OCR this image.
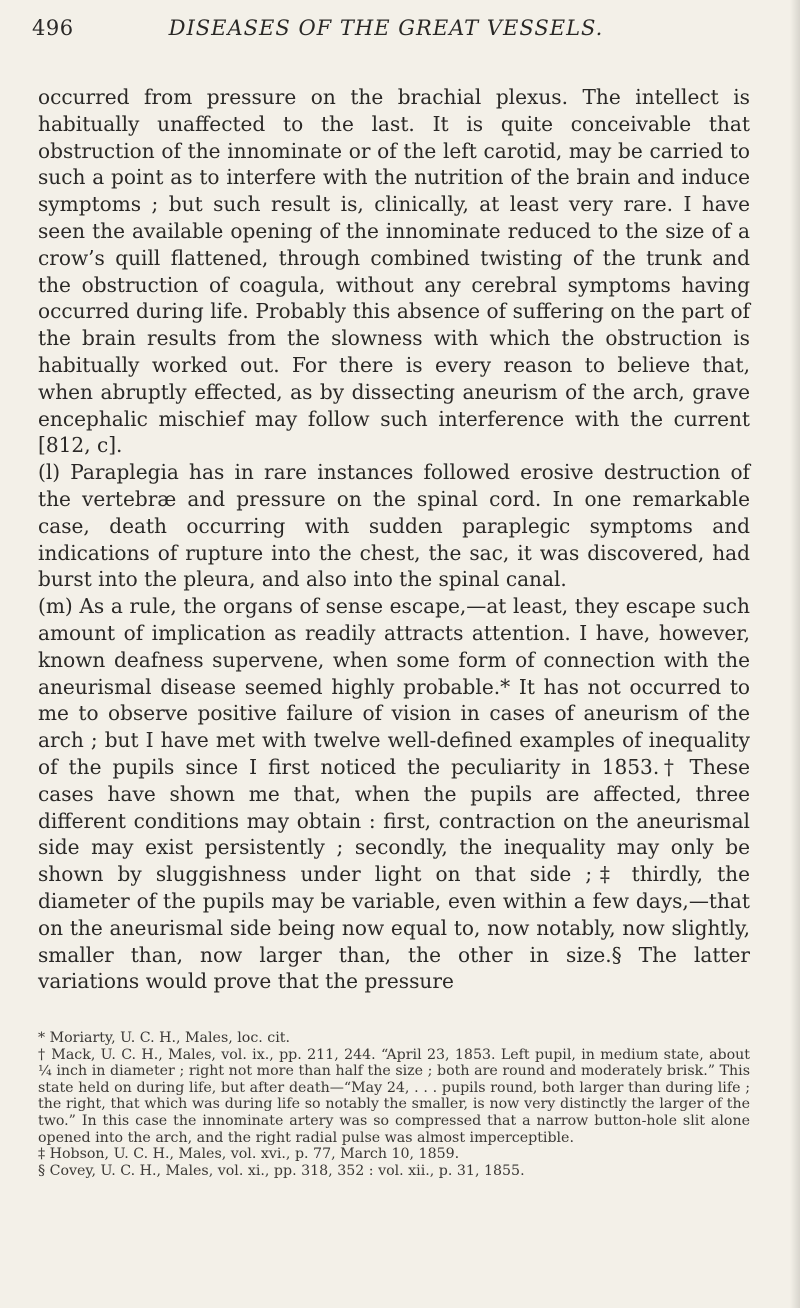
496	DISEASES OF THE GREAT VESSELS.

occurred from pressure on the brachial plexus. The intellect is habitually unaffected to the last. It is quite conceivable that obstruction of the innominate or of the left carotid, may be carried to such a point as to interfere with the nutrition of the brain and induce symptoms ; but such result is, clinically, at least very rare. I have seen the available opening of the innominate reduced to the size of a crow’s quill flattened, through combined twisting of the trunk and the obstruction of coagula, without any cerebral symptoms having occurred during life. Probably this absence of suffering on the part of the brain results from the slowness with which the obstruction is habitually worked out. For there is every reason to believe that, when abruptly effected, as by dissecting aneurism of the arch, grave encephalic mischief may follow such interference with the current [812, c].

(l) Paraplegia has in rare instances followed erosive destruction of the vertebræ and pressure on the spinal cord. In one remarkable case, death occurring with sudden paraplegic symptoms and indications of rupture into the chest, the sac, it was discovered, had burst into the pleura, and also into the spinal canal.

(m) As a rule, the organs of sense escape,—at least, they escape such amount of implication as readily attracts attention. I have, however, known deafness supervene, when some form of connection with the aneurismal disease seemed highly probable.* It has not occurred to me to observe positive failure of vision in cases of aneurism of the arch ; but I have met with twelve well-defined examples of inequality of the pupils since I first noticed the peculiarity in 1853.† These cases have shown me that, when the pupils are affected, three different conditions may obtain : first, contraction on the aneurismal side may exist persistently ; secondly, the inequality may only be shown by sluggishness under light on that side ;‡ thirdly, the diameter of the pupils may be variable, even within a few days,—that on the aneurismal side being now equal to, now notably, now slightly, smaller than, now larger than, the other in size.§ The latter variations would prove that the pressure

* Moriarty, U. C. H., Males, loc. cit.

† Mack, U. C. H., Males, vol. ix., pp. 211, 244. “April 23, 1853. Left pupil, in medium state, about ¼ inch in diameter ; right not more than half the size ; both are round and moderately brisk.” This state held on during life, but after death—“May 24, . . . pupils round, both larger than during life ; the right, that which was during life so notably the smaller, is now very distinctly the larger of the two.” In this case the innominate artery was so compressed that a narrow button-hole slit alone opened into the arch, and the right radial pulse was almost imperceptible.

‡ Hobson, U. C. H., Males, vol. xvi., p. 77, March 10, 1859.

§ Covey, U. C. H., Males, vol. xi., pp. 318, 352 : vol. xii., p. 31, 1855.
